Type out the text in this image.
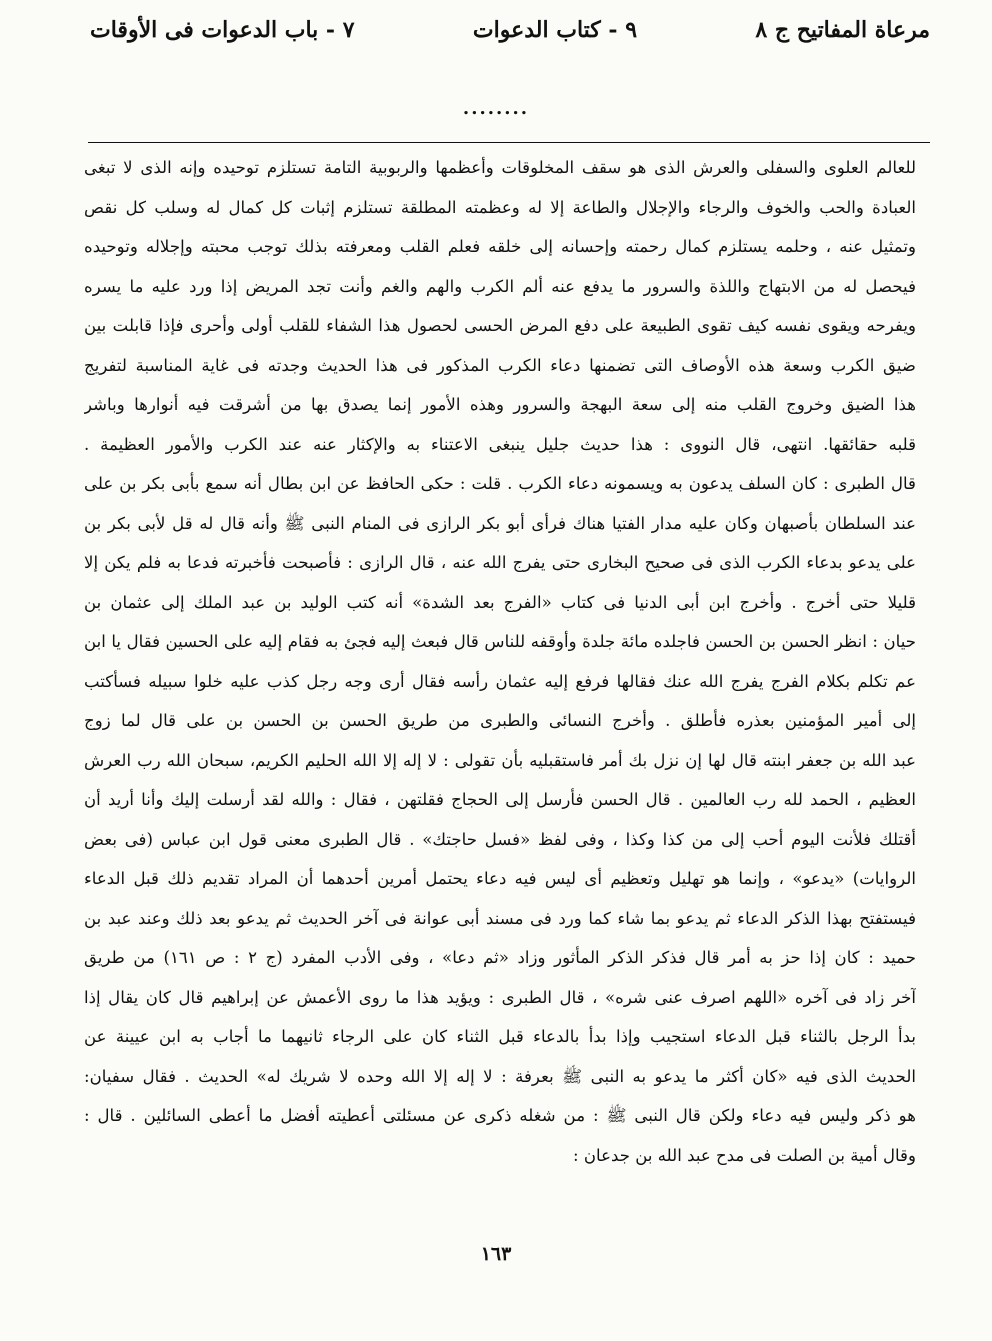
مرعاة المفاتيح ج ٨
٩ - كتاب الدعوات
٧ - باب الدعوات فى الأوقات
........
للعالم العلوى والسفلى والعرش الذى هو سقف المخلوقات وأعظمها والربوبية التامة تستلزم توحيده وإنه الذى لا تبغى
العبادة والحب والخوف والرجاء والإجلال والطاعة إلا له وعظمته المطلقة تستلزم إثبات كل كمال له وسلب كل نقص
وتمثيل عنه ، وحلمه يستلزم كمال رحمته وإحسانه إلى خلقه فعلم القلب ومعرفته بذلك توجب محبته وإجلاله وتوحيده
فيحصل له من الابتهاج واللذة والسرور ما يدفع عنه ألم الكرب والهم والغم وأنت تجد المريض إذا ورد عليه ما يسره
ويفرحه ويقوى نفسه كيف تقوى الطبيعة على دفع المرض الحسى لحصول هذا الشفاء للقلب أولى وأحرى فإذا قابلت بين
ضيق الكرب وسعة هذه الأوصاف التى تضمنها دعاء الكرب المذكور فى هذا الحديث وجدته فى غاية المناسبة لتفريج
هذا الضيق وخروج القلب منه إلى سعة البهجة والسرور وهذه الأمور إنما يصدق بها من أشرقت فيه أنوارها وباشر
قلبه حقائقها. انتهى، قال النووى : هذا حديث جليل ينبغى الاعتناء به والإكثار عنه عند الكرب والأمور العظيمة .
قال الطبرى : كان السلف يدعون به ويسمونه دعاء الكرب . قلت : حكى الحافظ عن ابن بطال أنه سمع بأبى بكر بن على
عند السلطان بأصبهان وكان عليه مدار الفتيا هناك فرأى أبو بكر الرازى فى المنام النبى ﷺ وأنه قال له قل لأبى بكر بن
على يدعو بدعاء الكرب الذى فى صحيح البخارى حتى يفرج الله عنه ، قال الرازى : فأصبحت فأخبرته فدعا به فلم يكن إلا
قليلا حتى أخرج . وأخرج ابن أبى الدنيا فى كتاب «الفرج بعد الشدة» أنه كتب الوليد بن عبد الملك إلى عثمان بن
حيان : انظر الحسن بن الحسن فاجلده مائة جلدة وأوقفه للناس قال فبعث إليه فجئ به فقام إليه على الحسين فقال يا ابن
عم تكلم بكلام الفرج يفرج الله عنك فقالها فرفع إليه عثمان رأسه فقال أرى وجه رجل كذب عليه خلوا سبيله فسأكتب
إلى أمير المؤمنين بعذره فأطلق . وأخرج النسائى والطبرى من طريق الحسن بن الحسن بن على قال لما زوج
عبد الله بن جعفر ابنته قال لها إن نزل بك أمر فاستقبليه بأن تقولى : لا إله إلا الله الحليم الكريم، سبحان الله رب العرش
العظيم ، الحمد لله رب العالمين . قال الحسن فأرسل إلى الحجاج فقلتهن ، فقال : والله لقد أرسلت إليك وأنا أريد أن
أقتلك فلأنت اليوم أحب إلى من كذا وكذا ، وفى لفظ «فسل حاجتك» . قال الطبرى معنى قول ابن عباس (فى بعض
الروايات) «يدعو» ، وإنما هو تهليل وتعظيم أى ليس فيه دعاء يحتمل أمرين أحدهما أن المراد تقديم ذلك قبل الدعاء
فيستفتح بهذا الذكر الدعاء ثم يدعو بما شاء كما ورد فى مسند أبى عوانة فى آخر الحديث ثم يدعو بعد ذلك وعند عبد بن
حميد : كان إذا حز به أمر قال فذكر الذكر المأثور وزاد «ثم دعا» ، وفى الأدب المفرد (ج ٢ : ص ١٦١) من طريق
آخر زاد فى آخره «اللهم اصرف عنى شره» ، قال الطبرى : ويؤيد هذا ما روى الأعمش عن إبراهيم قال كان يقال إذا
بدأ الرجل بالثناء قبل الدعاء استجيب وإذا بدأ بالدعاء قبل الثناء كان على الرجاء ثانيهما ما أجاب به ابن عيينة عن
الحديث الذى فيه «كان أكثر ما يدعو به النبى ﷺ بعرفة : لا إله إلا الله وحده لا شريك له» الحديث . فقال سفيان:
هو ذكر وليس فيه دعاء ولكن قال النبى ﷺ : من شغله ذكرى عن مسئلتى أعطيته أفضل ما أعطى السائلين . قال :
وقال أمية بن الصلت فى مدح عبد الله بن جدعان :
١٦٣
